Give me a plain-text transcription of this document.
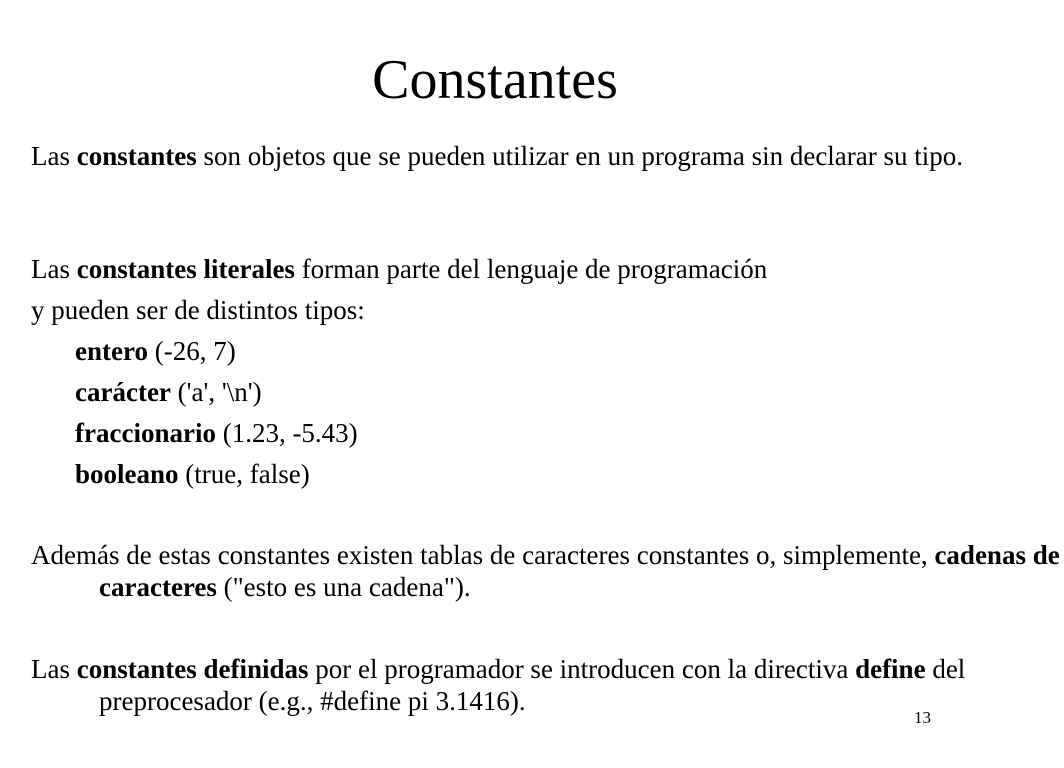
Constantes

Las constantes son objetos que se pueden utilizar en un programa sin declarar su tipo.

Las constantes literales forman parte del lenguaje de programación

y pueden ser de distintos tipos:

entero (-26, 7)

carácter ('a', '\n')

fraccionario (1.23, -5.43)

booleano (true, false)

Además de estas constantes existen tablas de caracteres constantes o, simplemente, cadenas de caracteres ("esto es una cadena").

Las constantes definidas por el programador se introducen con la directiva define del preprocesador (e.g., #define pi 3.1416).

13
